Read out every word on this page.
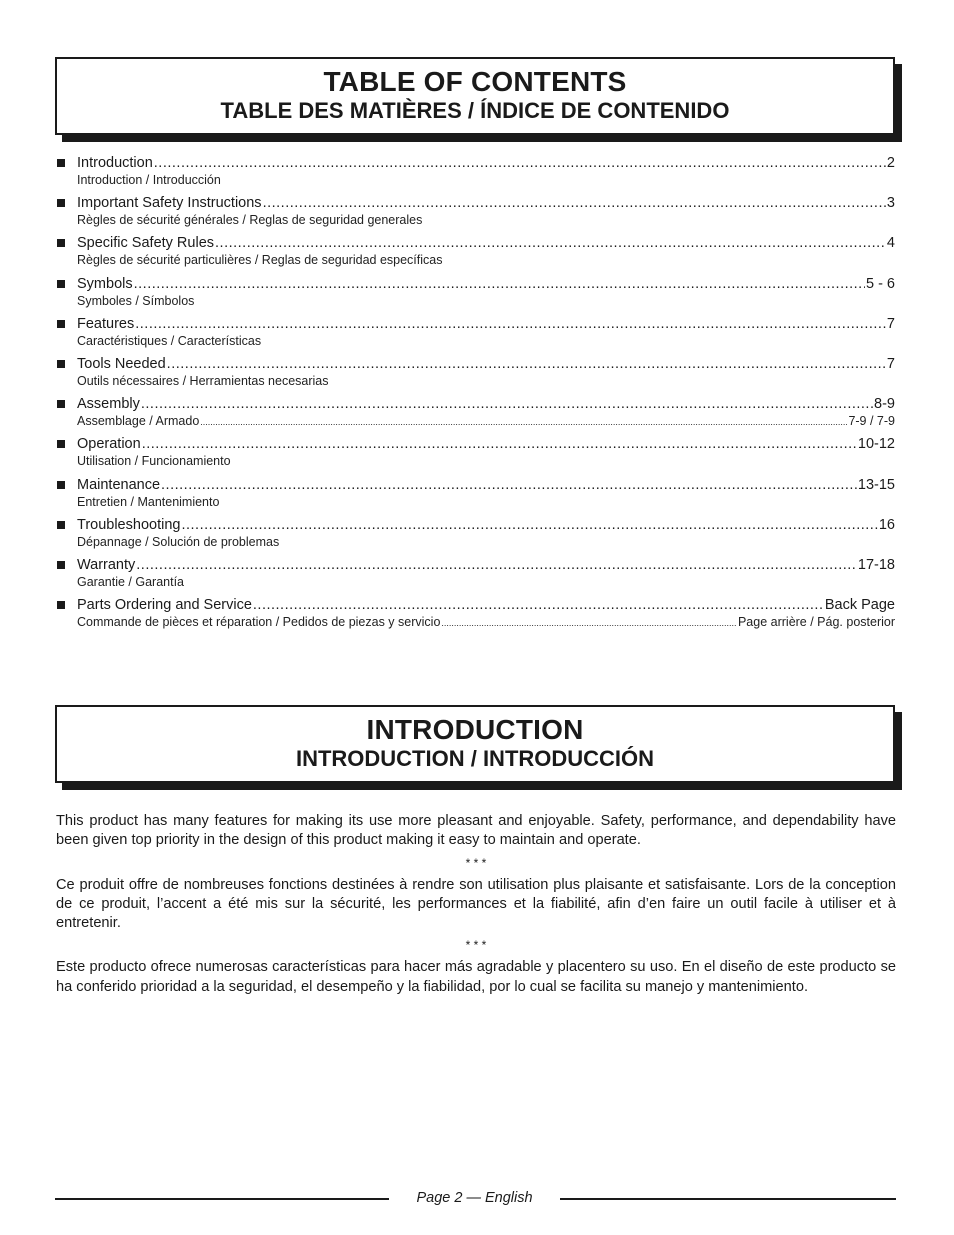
TABLE OF CONTENTS
TABLE DES MATIÈRES / ÍNDICE DE CONTENIDO
Introduction .....	2
Introduction / Introducción
Important Safety Instructions .....	3
Règles de sécurité générales / Reglas de seguridad generales
Specific Safety Rules .....	4
Règles de sécurité particulières / Reglas de seguridad específicas
Symbols .....	5 - 6
Symboles / Símbolos
Features .....	7
Caractéristiques / Características
Tools Needed .....	7
Outils nécessaires / Herramientas necesarias
Assembly .....	8-9
Assemblage / Armado .....	7-9 / 7-9
Operation .....	10-12
Utilisation / Funcionamiento
Maintenance .....	13-15
Entretien / Mantenimiento
Troubleshooting .....	16
Dépannage / Solución de problemas
Warranty .....	17-18
Garantie / Garantía
Parts Ordering and Service .....	Back Page
Commande de pièces et réparation / Pedidos de piezas y servicio .....	Page arrière / Pág. posterior
INTRODUCTION
INTRODUCTION / INTRODUCCIÓN

This product has many features for making its use more pleasant and enjoyable. Safety, performance, and dependability have been given top priority in the design of this product making it easy to maintain and operate.

* * *

Ce produit offre de nombreuses fonctions destinées à rendre son utilisation plus plaisante et satisfaisante. Lors de la conception de ce produit, l’accent a été mis sur la sécurité, les performances et la fiabilité, afin d’en faire un outil facile à utiliser et à entretenir.

* * *

Este producto ofrece numerosas características para hacer más agradable y placentero su uso. En el diseño de este producto se ha conferido prioridad a la seguridad, el desempeño y la fiabilidad, por lo cual se facilita su manejo y mantenimiento.

Page 2 — English
